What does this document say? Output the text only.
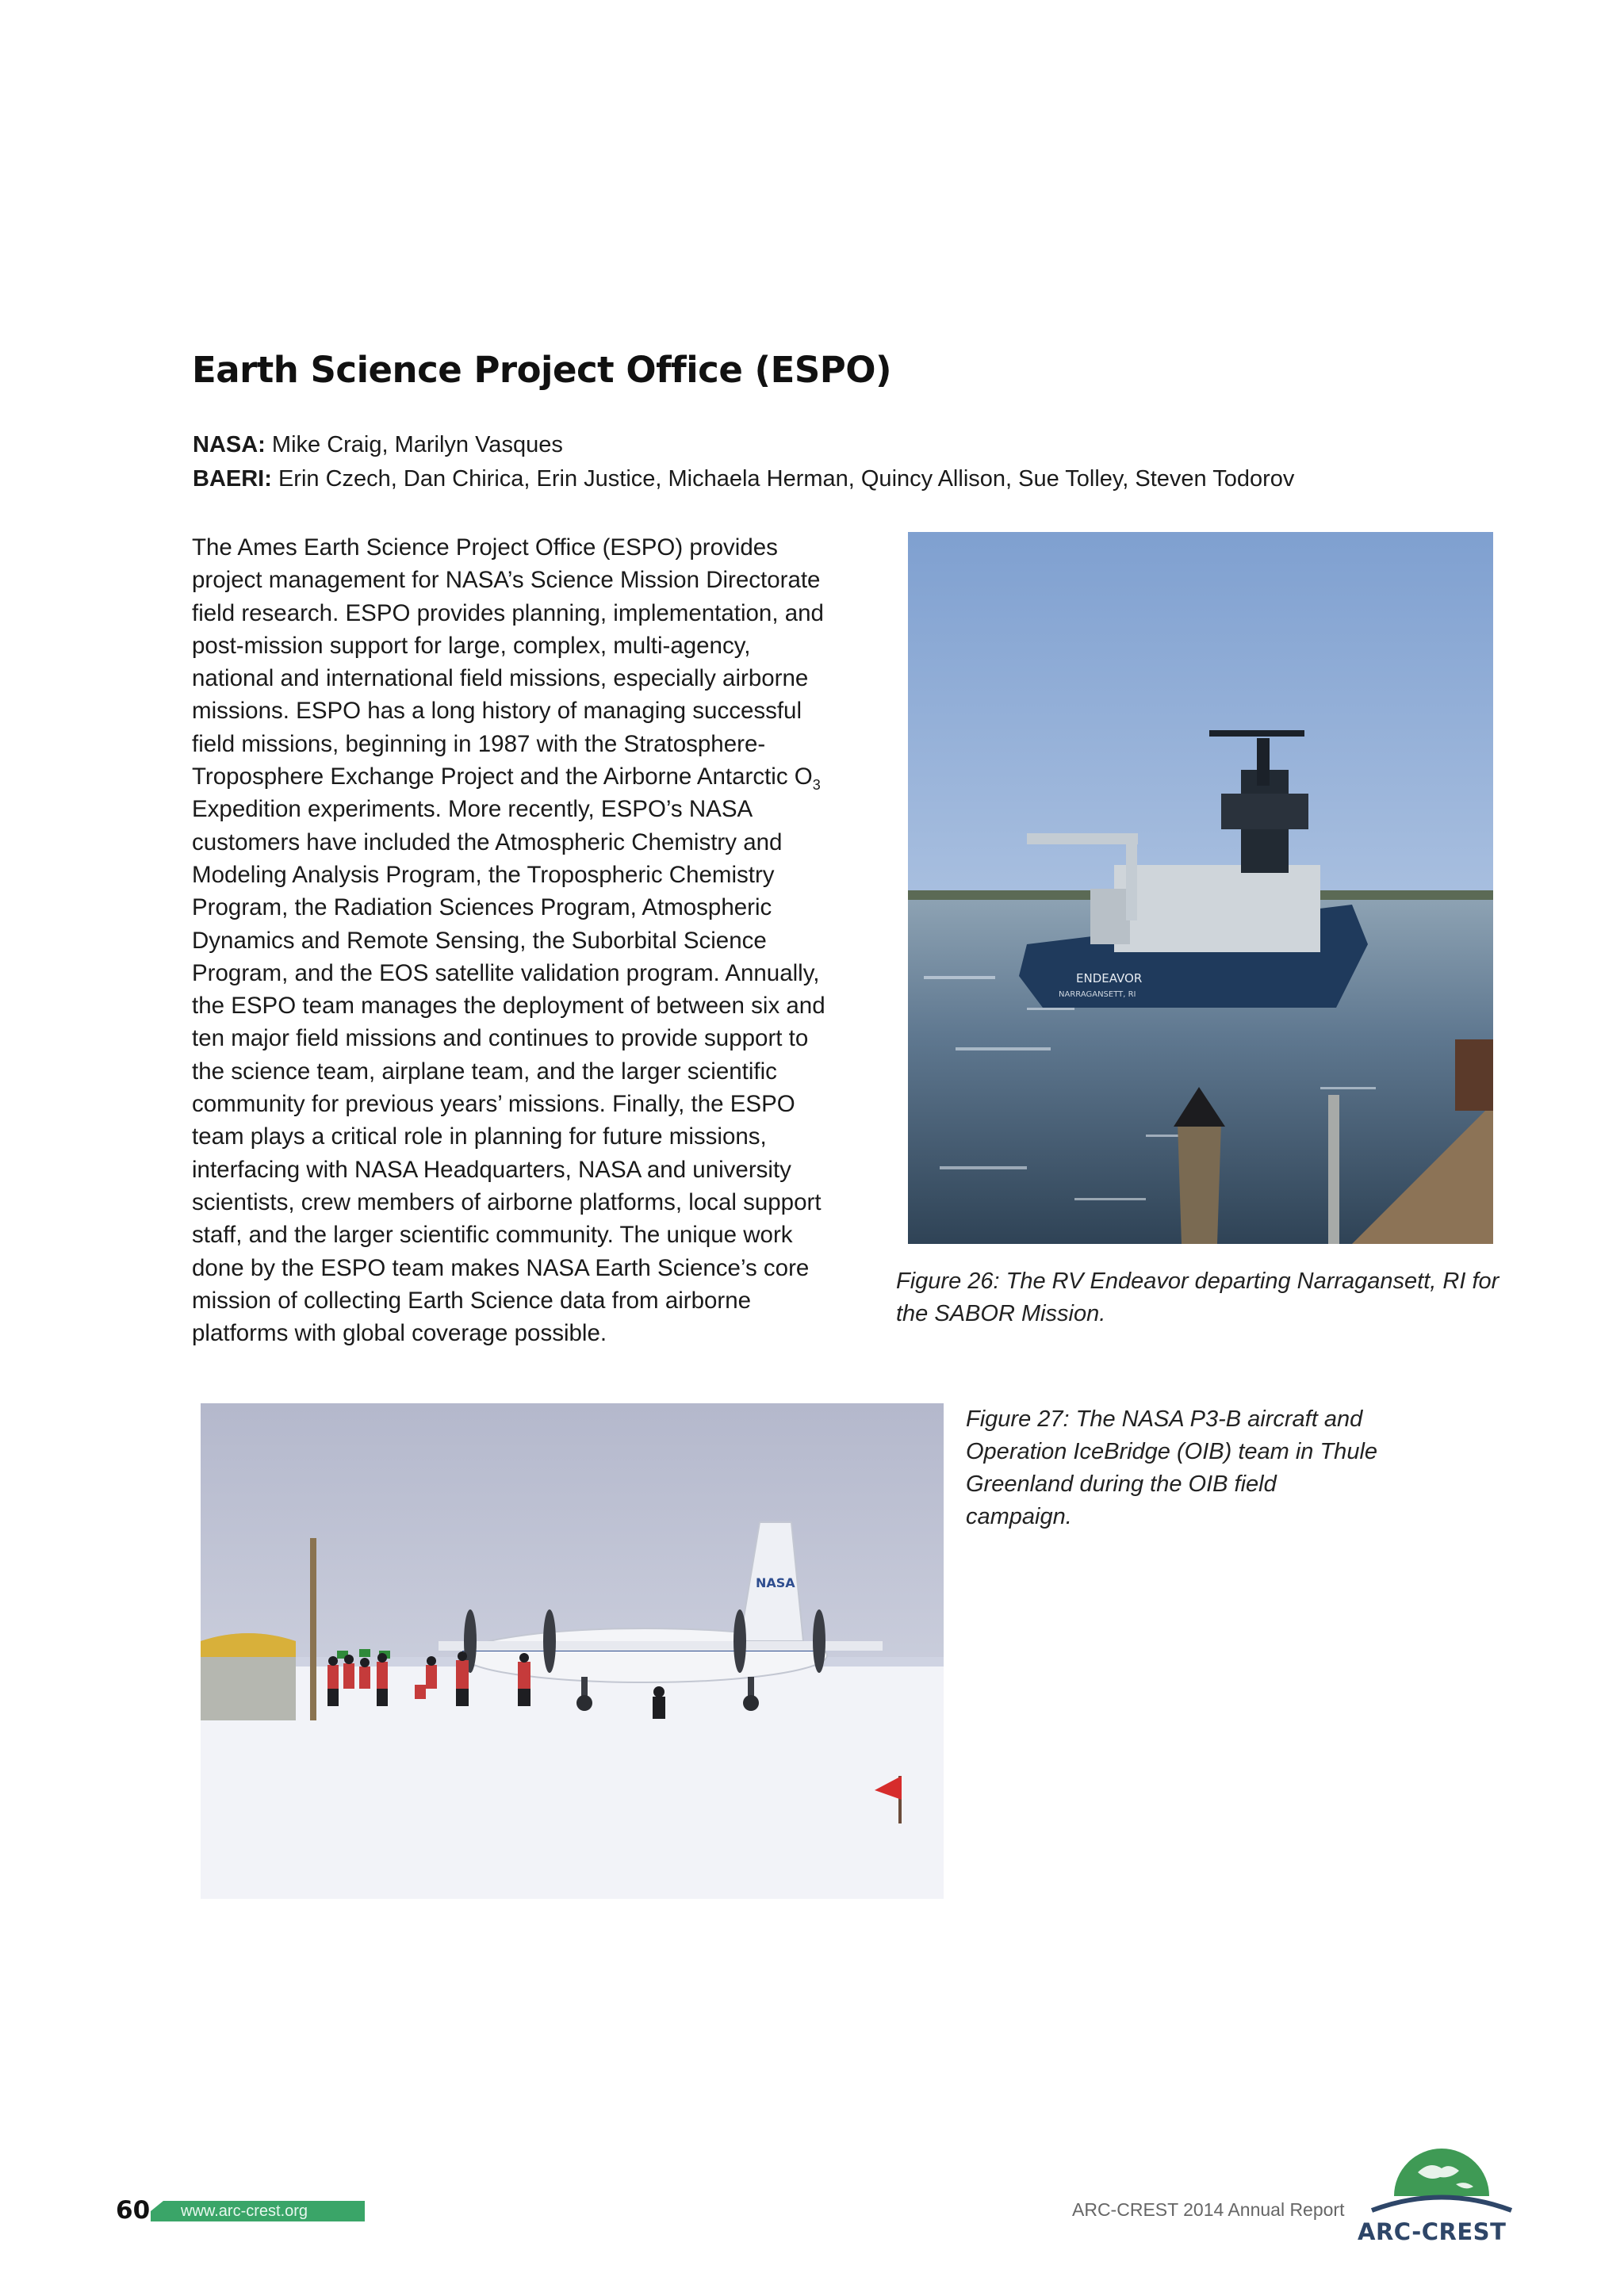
Earth Science Project Office (ESPO)
NASA: Mike Craig, Marilyn Vasques
BAERI: Erin Czech, Dan Chirica, Erin Justice, Michaela Herman, Quincy Allison, Sue Tolley, Steven Todorov

The Ames Earth Science Project Office (ESPO) provides project management for NASA’s Science Mission Directorate field research. ESPO provides planning, implementation, and post-mission support for large, complex, multi-agency, national and international field missions, especially airborne missions. ESPO has a long history of managing successful field missions, beginning in 1987 with the Stratosphere-Troposphere Exchange Project and the Airborne Antarctic $O_3$ Expedition experiments. More recently, ESPO’s NASA customers have included the Atmospheric Chemistry and Modeling Analysis Program, the Tropospheric Chemistry Program, the Radiation Sciences Program, Atmospheric Dynamics and Remote Sensing, the Suborbital Science Program, and the EOS satellite validation program. Annually, the ESPO team manages the deployment of between six and ten major field missions and continues to provide support to the science team, airplane team, and the larger scientific community for previous years’ missions. Finally, the ESPO team plays a critical role in planning for future missions, interfacing with NASA Headquarters, NASA and university scientists, crew members of airborne platforms, local support staff, and the larger scientific community. The unique work done by the ESPO team makes NASA Earth Science’s core mission of collecting Earth Science data from airborne platforms with global coverage possible.

ENDEAVOR
NARRAGANSETT, RI

Figure 26: The RV Endeavor departing Narragansett, RI for the SABOR Mission.

NASA

Figure 27: The NASA P3-B aircraft and Operation IceBridge (OIB) team in Thule Greenland during the OIB field campaign.

60 www.arc-crest.org	ARC-CREST 2014 Annual Report
ARC-CREST
